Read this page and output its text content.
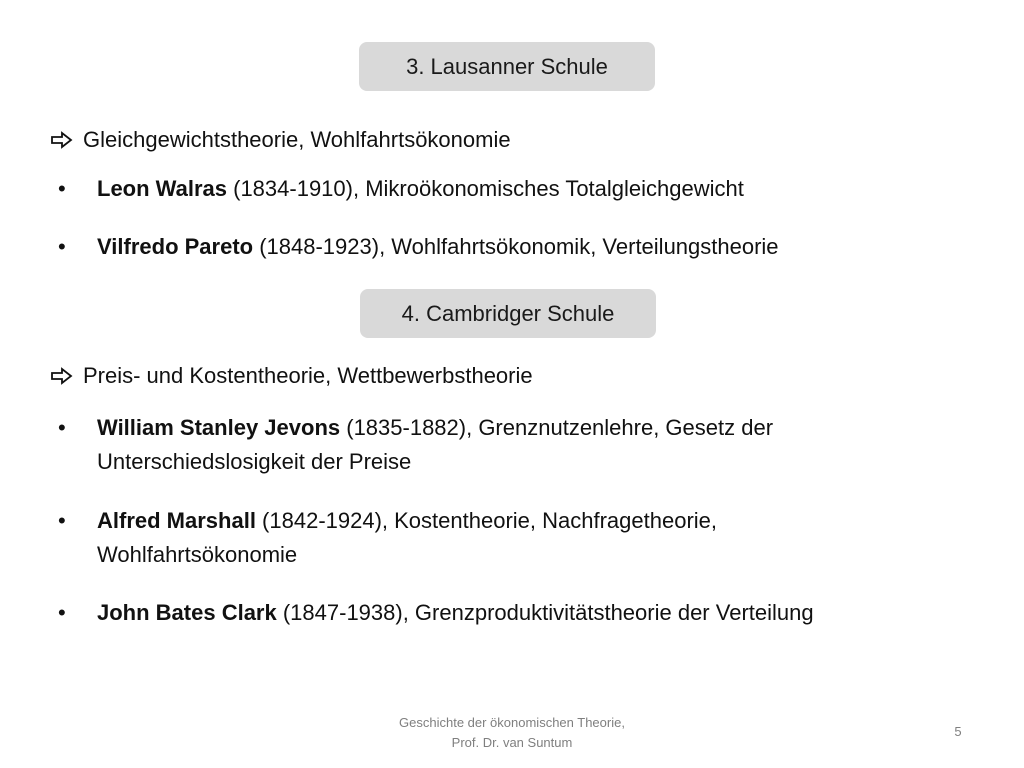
3. Lausanner Schule
Gleichgewichtstheorie, Wohlfahrtsökonomie
•	Leon Walras (1834-1910), Mikroökonomisches Totalgleichgewicht
•	Vilfredo Pareto (1848-1923), Wohlfahrtsökonomik, Verteilungstheorie
4. Cambridger Schule
Preis- und Kostentheorie, Wettbewerbstheorie
•	William Stanley Jevons (1835-1882), Grenznutzenlehre, Gesetz der
Unterschiedslosigkeit der Preise
•	Alfred Marshall (1842-1924), Kostentheorie, Nachfragetheorie,
Wohlfahrtsökonomie
•	John Bates Clark (1847-1938), Grenzproduktivitätstheorie der Verteilung
Geschichte der ökonomischen Theorie,
Prof. Dr. van Suntum
5
